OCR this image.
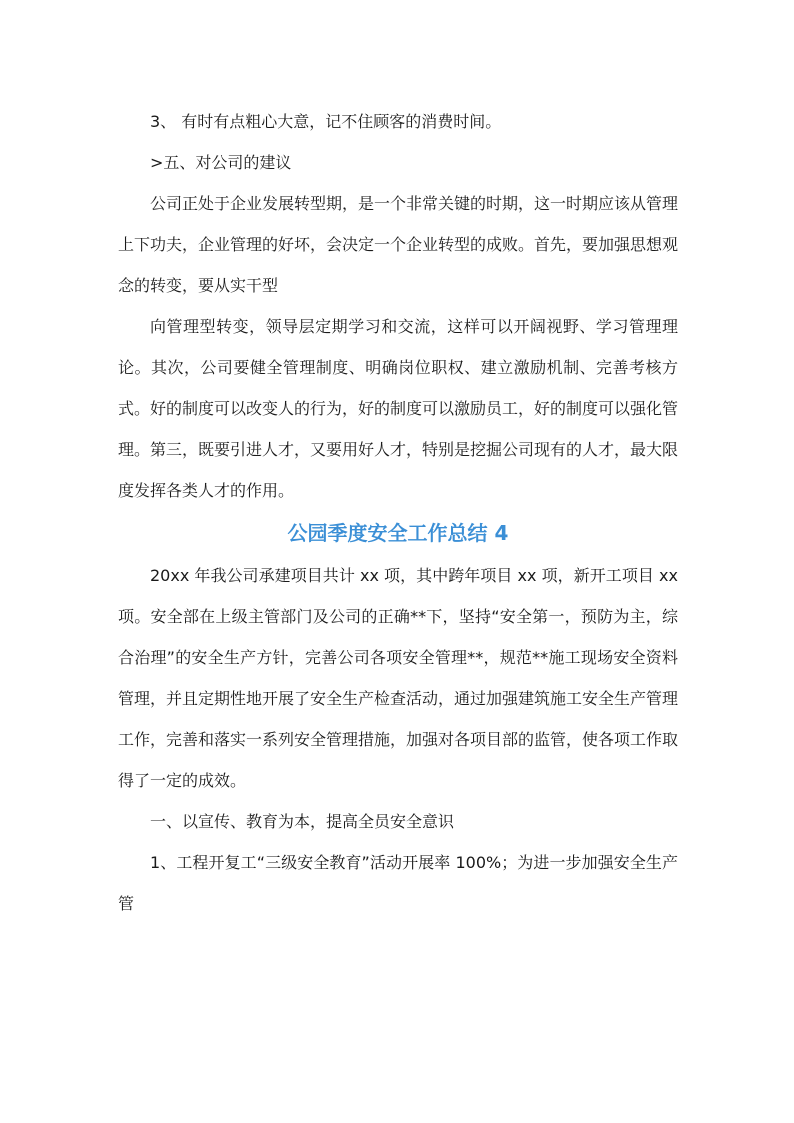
3、 有时有点粗心大意，记不住顾客的消费时间。

>五、对公司的建议

公司正处于企业发展转型期，是一个非常关键的时期，这一时期应该从管理上下功夫，企业管理的好坏，会决定一个企业转型的成败。首先，要加强思想观念的转变，要从实干型

向管理型转变，领导层定期学习和交流，这样可以开阔视野、学习管理理论。其次，公司要健全管理制度、明确岗位职权、建立激励机制、完善考核方式。好的制度可以改变人的行为，好的制度可以激励员工，好的制度可以强化管理。第三，既要引进人才，又要用好人才，特别是挖掘公司现有的人才，最大限度发挥各类人才的作用。

公园季度安全工作总结 4

20xx 年我公司承建项目共计 xx 项，其中跨年项目 xx 项，新开工项目 xx 项。安全部在上级主管部门及公司的正确**下，坚持“安全第一，预防为主，综合治理”的安全生产方针，完善公司各项安全管理**，规范**施工现场安全资料管理，并且定期性地开展了安全生产检查活动，通过加强建筑施工安全生产管理工作，完善和落实一系列安全管理措施，加强对各项目部的监管，使各项工作取得了一定的成效。

一、以宣传、教育为本，提高全员安全意识

1、工程开复工“三级安全教育”活动开展率 100%；为进一步加强安全生产管
